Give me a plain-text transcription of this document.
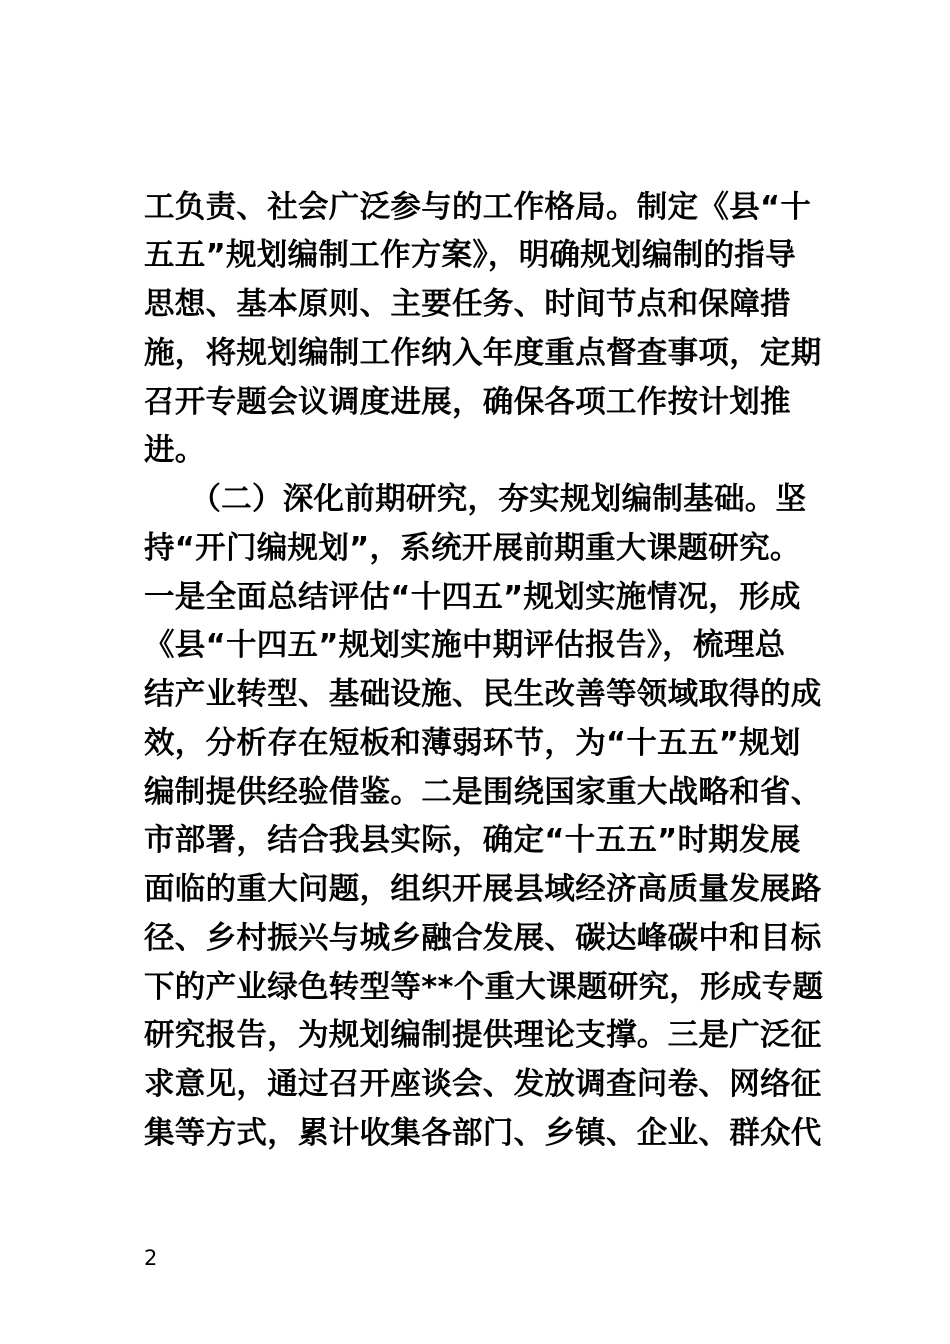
工负责、社会广泛参与的工作格局。制定《县“十
五五”规划编制工作方案》，明确规划编制的指导
思想、基本原则、主要任务、时间节点和保障措
施，将规划编制工作纳入年度重点督查事项，定期
召开专题会议调度进展，确保各项工作按计划推
进。
　　（二）深化前期研究，夯实规划编制基础。坚
持“开门编规划”，系统开展前期重大课题研究。
一是全面总结评估“十四五”规划实施情况，形成
《县“十四五”规划实施中期评估报告》，梳理总
结产业转型、基础设施、民生改善等领域取得的成
效，分析存在短板和薄弱环节，为“十五五”规划
编制提供经验借鉴。二是围绕国家重大战略和省、
市部署，结合我县实际，确定“十五五”时期发展
面临的重大问题，组织开展县域经济高质量发展路
径、乡村振兴与城乡融合发展、碳达峰碳中和目标
下的产业绿色转型等**个重大课题研究，形成专题
研究报告，为规划编制提供理论支撑。三是广泛征
求意见，通过召开座谈会、发放调查问卷、网络征
集等方式，累计收集各部门、乡镇、企业、群众代
2
